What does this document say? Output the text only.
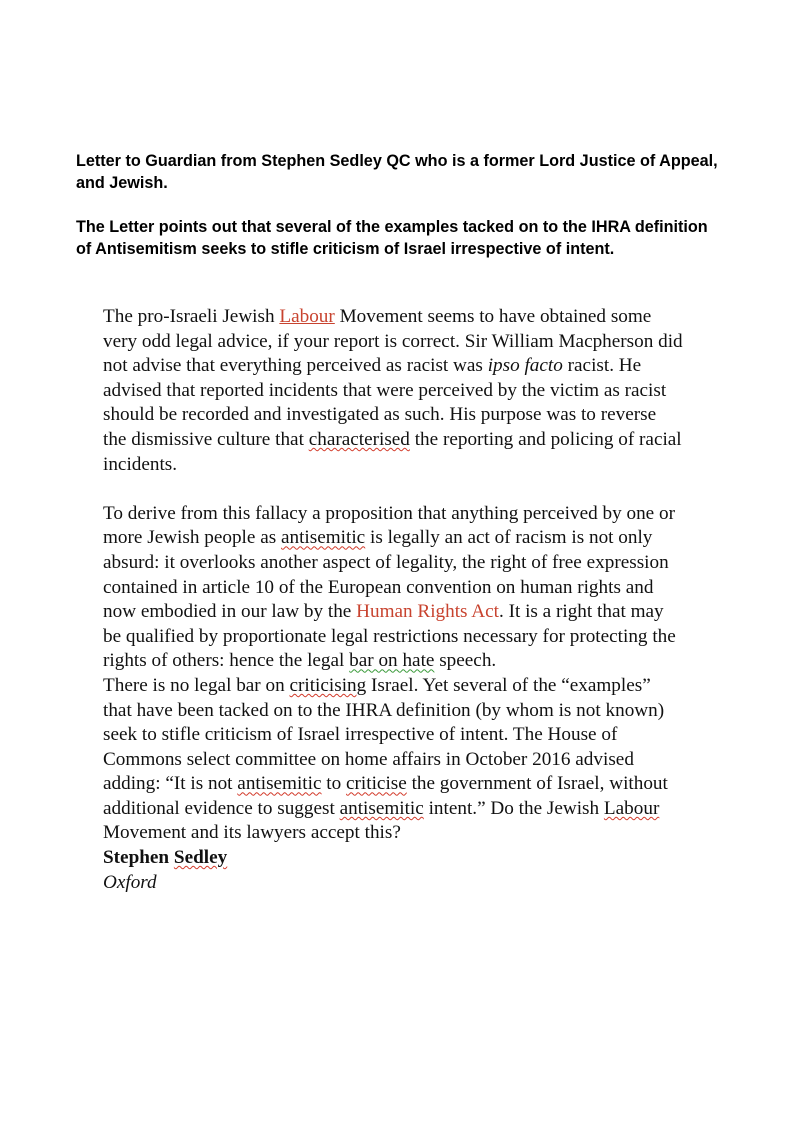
Letter to Guardian from Stephen Sedley QC who is a former Lord Justice of Appeal, and Jewish.

The Letter points out that several of the examples tacked on to the IHRA definition of Antisemitism seeks to stifle criticism of Israel irrespective of intent.

The pro-Israeli Jewish Labour Movement seems to have obtained some very odd legal advice, if your report is correct. Sir William Macpherson did not advise that everything perceived as racist was ipso facto racist. He advised that reported incidents that were perceived by the victim as racist should be recorded and investigated as such. His purpose was to reverse the dismissive culture that characterised the reporting and policing of racial incidents.

To derive from this fallacy a proposition that anything perceived by one or more Jewish people as antisemitic is legally an act of racism is not only absurd: it overlooks another aspect of legality, the right of free expression contained in article 10 of the European convention on human rights and now embodied in our law by the Human Rights Act. It is a right that may be qualified by proportionate legal restrictions necessary for protecting the rights of others: hence the legal bar on hate speech.

There is no legal bar on criticising Israel. Yet several of the “examples” that have been tacked on to the IHRA definition (by whom is not known) seek to stifle criticism of Israel irrespective of intent. The House of Commons select committee on home affairs in October 2016 advised adding: “It is not antisemitic to criticise the government of Israel, without additional evidence to suggest antisemitic intent.” Do the Jewish Labour Movement and its lawyers accept this?

Stephen Sedley

Oxford
